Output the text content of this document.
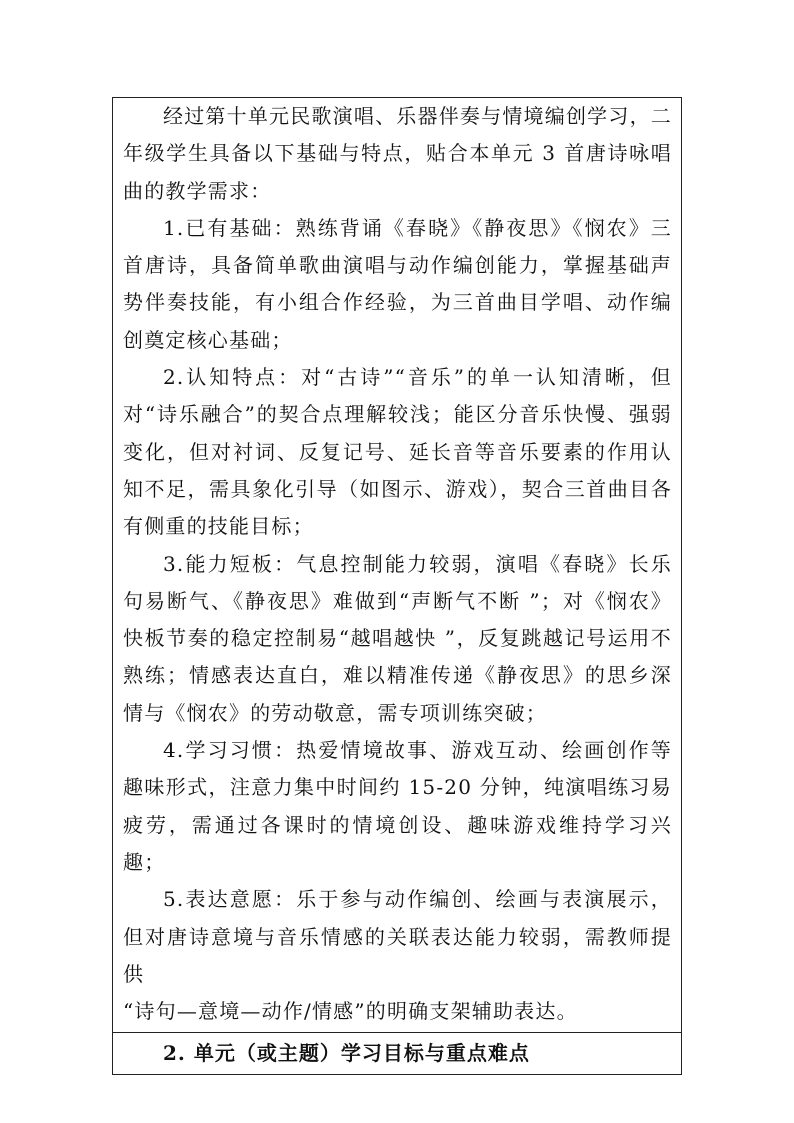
经过第十单元民歌演唱、乐器伴奏与情境编创学习，二年级学生具备以下基础与特点，贴合本单元 3 首唐诗咏唱曲的教学需求：

1.已有基础：熟练背诵《春晓》《静夜思》《悯农》三首唐诗，具备简单歌曲演唱与动作编创能力，掌握基础声势伴奏技能，有小组合作经验，为三首曲目学唱、动作编创奠定核心基础；

2.认知特点：对“古诗”“音乐”的单一认知清晰，但对“诗乐融合”的契合点理解较浅；能区分音乐快慢、强弱变化，但对衬词、反复记号、延长音等音乐要素的作用认知不足，需具象化引导（如图示、游戏），契合三首曲目各有侧重的技能目标；

3.能力短板：气息控制能力较弱，演唱《春晓》长乐句易断气、《静夜思》难做到“声断气不断 ”；对《悯农》快板节奏的稳定控制易“越唱越快 ”，反复跳越记号运用不熟练；情感表达直白，难以精准传递《静夜思》的思乡深情与《悯农》的劳动敬意，需专项训练突破；

4.学习习惯：热爱情境故事、游戏互动、绘画创作等趣味形式，注意力集中时间约 15-20 分钟，纯演唱练习易疲劳，需通过各课时的情境创设、趣味游戏维持学习兴趣；

5.表达意愿：乐于参与动作编创、绘画与表演展示，但对唐诗意境与音乐情感的关联表达能力较弱，需教师提供

“诗句—意境—动作/情感”的明确支架辅助表达。

2. 单元（或主题）学习目标与重点难点
